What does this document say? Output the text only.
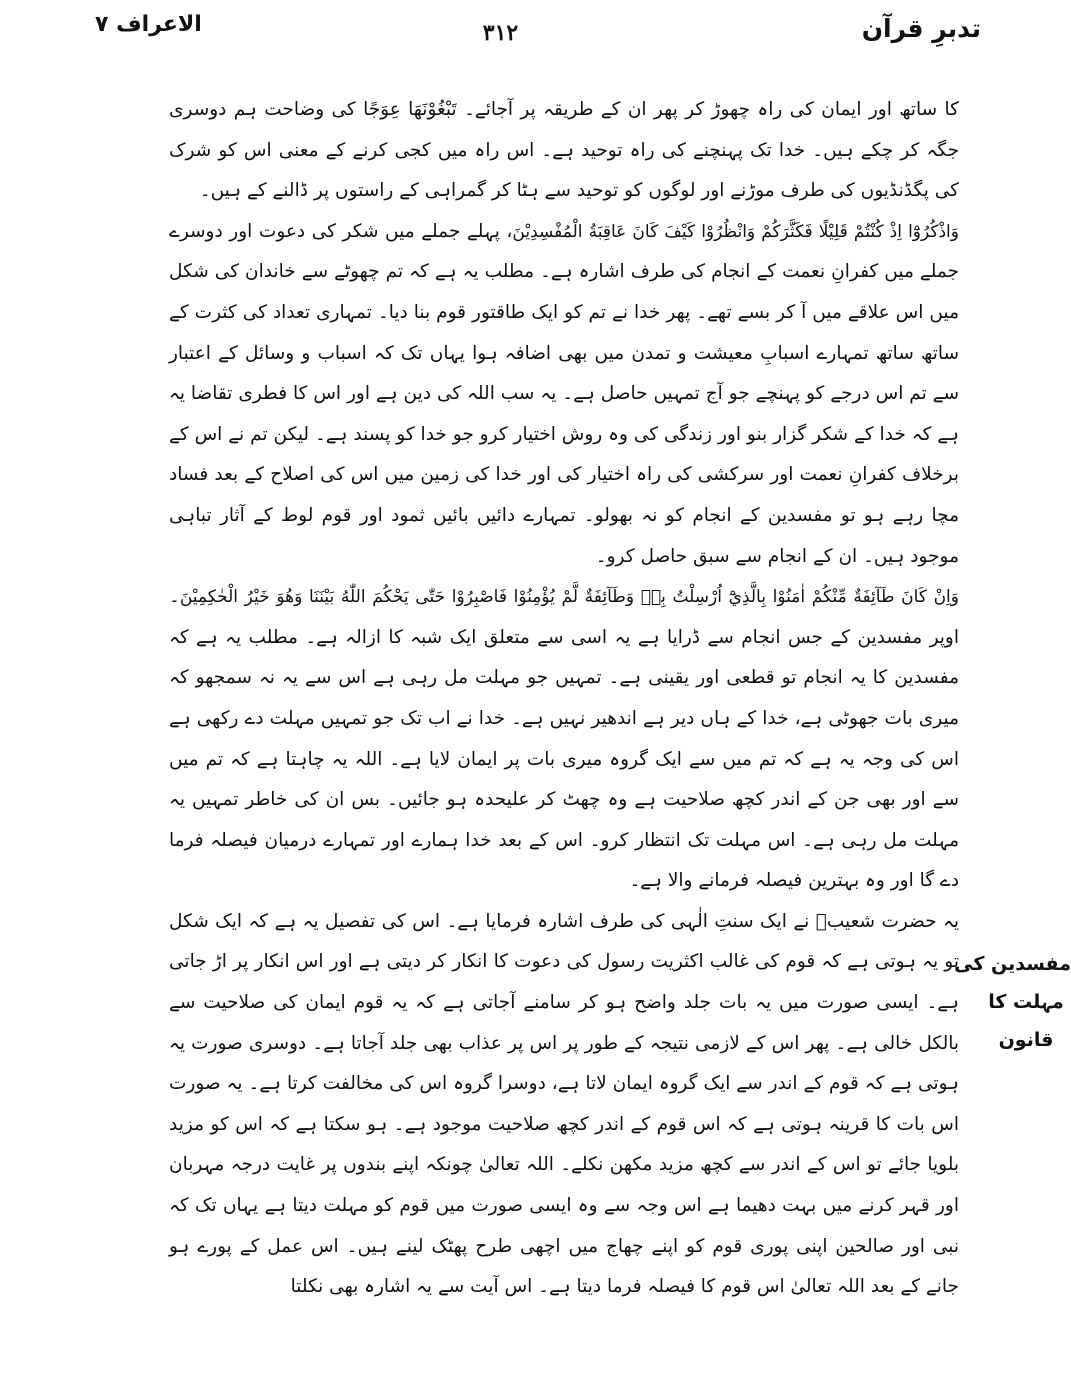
تدبرِ قرآن
۳۱۲
الاعراف ۷

کا ساتھ اور ایمان کی راہ چھوڑ کر پھر ان کے طریقہ پر آجائے۔ تَبْغُوْنَهَا عِوَجًا کی وضاحت ہم دوسری جگہ کر چکے ہیں۔ خدا تک پہنچنے کی راہ توحید ہے۔ اس راہ میں کجی کرنے کے معنی اس کو شرک کی پگڈنڈیوں کی طرف موڑنے اور لوگوں کو توحید سے ہٹا کر گمراہی کے راستوں پر ڈالنے کے ہیں۔

وَاذْكُرُوْٓا اِذْ كُنْتُمْ قَلِيْلًا فَكَثَّرَكُمْ وَانْظُرُوْا كَيْفَ كَانَ عَاقِبَةُ الْمُفْسِدِيْنَ، پہلے جملے میں شکر کی دعوت اور دوسرے جملے میں کفرانِ نعمت کے انجام کی طرف اشارہ ہے۔ مطلب یہ ہے کہ تم چھوٹے سے خاندان کی شکل میں اس علاقے میں آ کر بسے تھے۔ پھر خدا نے تم کو ایک طاقتور قوم بنا دیا۔ تمہاری تعداد کی کثرت کے ساتھ ساتھ تمہارے اسبابِ معیشت و تمدن میں بھی اضافہ ہوا یہاں تک کہ اسباب و وسائل کے اعتبار سے تم اس درجے کو پہنچے جو آج تمہیں حاصل ہے۔ یہ سب اللہ کی دین ہے اور اس کا فطری تقاضا یہ ہے کہ خدا کے شکر گزار بنو اور زندگی کی وہ روش اختیار کرو جو خدا کو پسند ہے۔ لیکن تم نے اس کے برخلاف کفرانِ نعمت اور سرکشی کی راہ اختیار کی اور خدا کی زمین میں اس کی اصلاح کے بعد فساد مچا رہے ہو تو مفسدین کے انجام کو نہ بھولو۔ تمہارے دائیں بائیں ثمود اور قوم لوط کے آثار تباہی موجود ہیں۔ ان کے انجام سے سبق حاصل کرو۔

وَاِنْ كَانَ طَآئِفَةٌ مِّنْكُمْ اٰمَنُوْا بِالَّذِيْٓ اُرْسِلْتُ بِهٖ وَطَآئِفَةٌ لَّمْ يُؤْمِنُوْا فَاصْبِرُوْا حَتّٰى يَحْكُمَ اللّٰهُ بَيْنَنَا وَهُوَ خَيْرُ الْحٰكِمِيْنَ۔ اوپر مفسدین کے جس انجام سے ڈرایا ہے یہ اسی سے متعلق ایک شبہ کا ازالہ ہے۔ مطلب یہ ہے کہ مفسدین کا یہ انجام تو قطعی اور یقینی ہے۔ تمہیں جو مہلت مل رہی ہے اس سے یہ نہ سمجھو کہ میری بات جھوٹی ہے، خدا کے ہاں دیر ہے اندھیر نہیں ہے۔ خدا نے اب تک جو تمہیں مہلت دے رکھی ہے اس کی وجہ یہ ہے کہ تم میں سے ایک گروہ میری بات پر ایمان لایا ہے۔ اللہ یہ چاہتا ہے کہ تم میں سے اور بھی جن کے اندر کچھ صلاحیت ہے وہ چھٹ کر علیحدہ ہو جائیں۔ بس ان کی خاطر تمہیں یہ مہلت مل رہی ہے۔ اس مہلت تک انتظار کرو۔ اس کے بعد خدا ہمارے اور تمہارے درمیان فیصلہ فرما دے گا اور وہ بہترین فیصلہ فرمانے والا ہے۔

یہ حضرت شعیبؑ نے ایک سنتِ الٰہی کی طرف اشارہ فرمایا ہے۔ اس کی تفصیل یہ ہے کہ ایک شکل تو یہ ہوتی ہے کہ قوم کی غالب اکثریت رسول کی دعوت کا انکار کر دیتی ہے اور اس انکار پر اڑ جاتی ہے۔ ایسی صورت میں یہ بات جلد واضح ہو کر سامنے آجاتی ہے کہ یہ قوم ایمان کی صلاحیت سے بالکل خالی ہے۔ پھر اس کے لازمی نتیجہ کے طور پر اس پر عذاب بھی جلد آجاتا ہے۔ دوسری صورت یہ ہوتی ہے کہ قوم کے اندر سے ایک گروہ ایمان لاتا ہے، دوسرا گروہ اس کی مخالفت کرتا ہے۔ یہ صورت اس بات کا قرینہ ہوتی ہے کہ اس قوم کے اندر کچھ صلاحیت موجود ہے۔ ہو سکتا ہے کہ اس کو مزید بلویا جائے تو اس کے اندر سے کچھ مزید مکھن نکلے۔ اللہ تعالیٰ چونکہ اپنے بندوں پر غایت درجہ مہربان اور قہر کرنے میں بہت دھیما ہے اس وجہ سے وہ ایسی صورت میں قوم کو مہلت دیتا ہے یہاں تک کہ نبی اور صالحین اپنی پوری قوم کو اپنے چھاج میں اچھی طرح پھٹک لینے ہیں۔ اس عمل کے پورے ہو جانے کے بعد اللہ تعالیٰ اس قوم کا فیصلہ فرما دیتا ہے۔ اس آیت سے یہ اشارہ بھی نکلتا

مفسدین کی
مہلت کا
قانون
